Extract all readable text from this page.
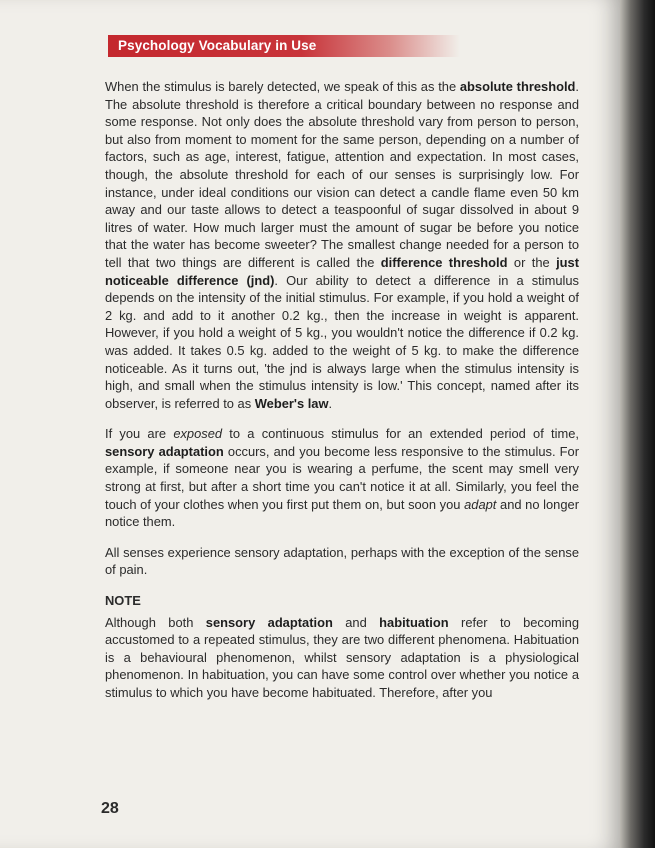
Psychology Vocabulary in Use

When the stimulus is barely detected, we speak of this as the absolute threshold. The absolute threshold is therefore a critical boundary between no response and some response. Not only does the absolute threshold vary from person to person, but also from moment to moment for the same person, depending on a number of factors, such as age, interest, fatigue, attention and expectation. In most cases, though, the absolute threshold for each of our senses is surprisingly low. For instance, under ideal conditions our vision can detect a candle flame even 50 km away and our taste allows to detect a teaspoonful of sugar dissolved in about 9 litres of water. How much larger must the amount of sugar be before you notice that the water has become sweeter? The smallest change needed for a person to tell that two things are different is called the difference threshold or the just noticeable difference (jnd). Our ability to detect a difference in a stimulus depends on the intensity of the initial stimulus. For example, if you hold a weight of 2 kg. and add to it another 0.2 kg., then the increase in weight is apparent. However, if you hold a weight of 5 kg., you wouldn't notice the difference if 0.2 kg. was added. It takes 0.5 kg. added to the weight of 5 kg. to make the difference noticeable. As it turns out, 'the jnd is always large when the stimulus intensity is high, and small when the stimulus intensity is low.' This concept, named after its observer, is referred to as Weber's law.

If you are exposed to a continuous stimulus for an extended period of time, sensory adaptation occurs, and you become less responsive to the stimulus. For example, if someone near you is wearing a perfume, the scent may smell very strong at first, but after a short time you can't notice it at all. Similarly, you feel the touch of your clothes when you first put them on, but soon you adapt and no longer notice them.

All senses experience sensory adaptation, perhaps with the exception of the sense of pain.

NOTE

Although both sensory adaptation and habituation refer to becoming accustomed to a repeated stimulus, they are two different phenomena. Habituation is a behavioural phenomenon, whilst sensory adaptation is a physiological phenomenon. In habituation, you can have some control over whether you notice a stimulus to which you have become habituated. Therefore, after you

28
